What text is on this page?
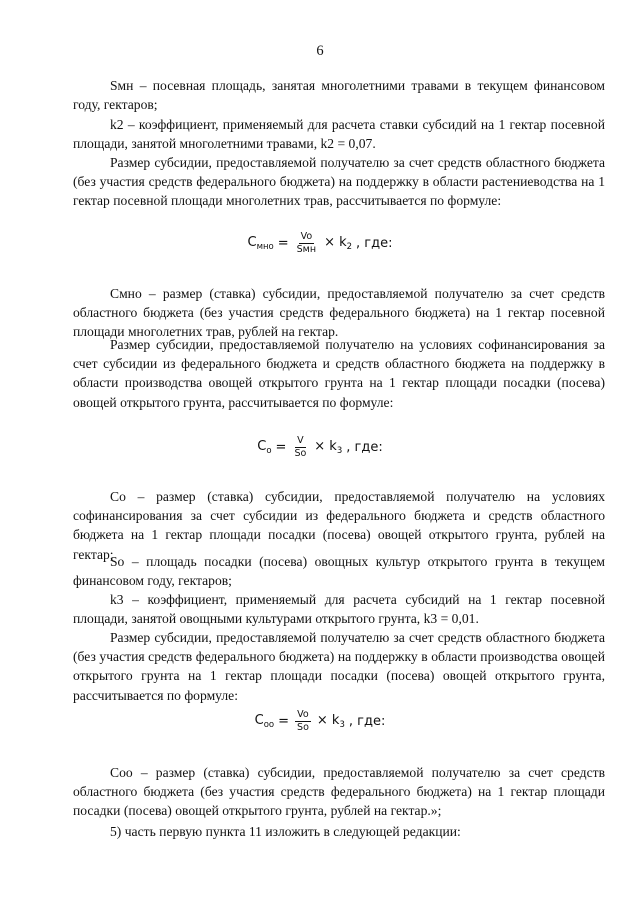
6

Sмн – посевная площадь, занятая многолетними травами в текущем финансовом году, гектаров;

k2 – коэффициент, применяемый для расчета ставки субсидий на 1 гектар посевной площади, занятой многолетними травами, k2 = 0,07.

Размер субсидии, предоставляемой получателю за счет средств областного бюджета (без участия средств федерального бюджета) на поддержку в области растениеводства на 1 гектар посевной площади многолетних трав, рассчитывается по формуле:

$C_{мно} = \frac{Vo}{\text{Sмн}} \times k_2$ , где:

Cмно – размер (ставка) субсидии, предоставляемой получателю за счет средств областного бюджета (без участия средств федерального бюджета) на 1 гектар посевной площади многолетних трав, рублей на гектар.

Размер субсидии, предоставляемой получателю на условиях софинансирования за счет субсидии из федерального бюджета и средств областного бюджета на поддержку в области производства овощей открытого грунта на 1 гектар площади посадки (посева) овощей открытого грунта, рассчитывается по формуле:

$C_о = \frac{V}{Sо} \times k_3$ , где:

Cо – размер (ставка) субсидии, предоставляемой получателю на условиях софинансирования за счет субсидии из федерального бюджета и средств областного бюджета на 1 гектар площади посадки (посева) овощей открытого грунта, рублей на гектар;

Sо – площадь посадки (посева) овощных культур открытого грунта в текущем финансовом году, гектаров;

k3 – коэффициент, применяемый для расчета субсидий на 1 гектар посевной площади, занятой овощными культурами открытого грунта, k3 = 0,01.

Размер субсидии, предоставляемой получателю за счет средств областного бюджета (без участия средств федерального бюджета) на поддержку в области производства овощей открытого грунта на 1 гектар площади посадки (посева) овощей открытого грунта, рассчитывается по формуле:

$C_{оо} = \frac{Vo}{Sо} \times k_3$ , где:

Cоо – размер (ставка) субсидии, предоставляемой получателю за счет средств областного бюджета (без участия средств федерального бюджета) на 1 гектар площади посадки (посева) овощей открытого грунта, рублей на гектар.»;

5) часть первую пункта 11 изложить в следующей редакции:
